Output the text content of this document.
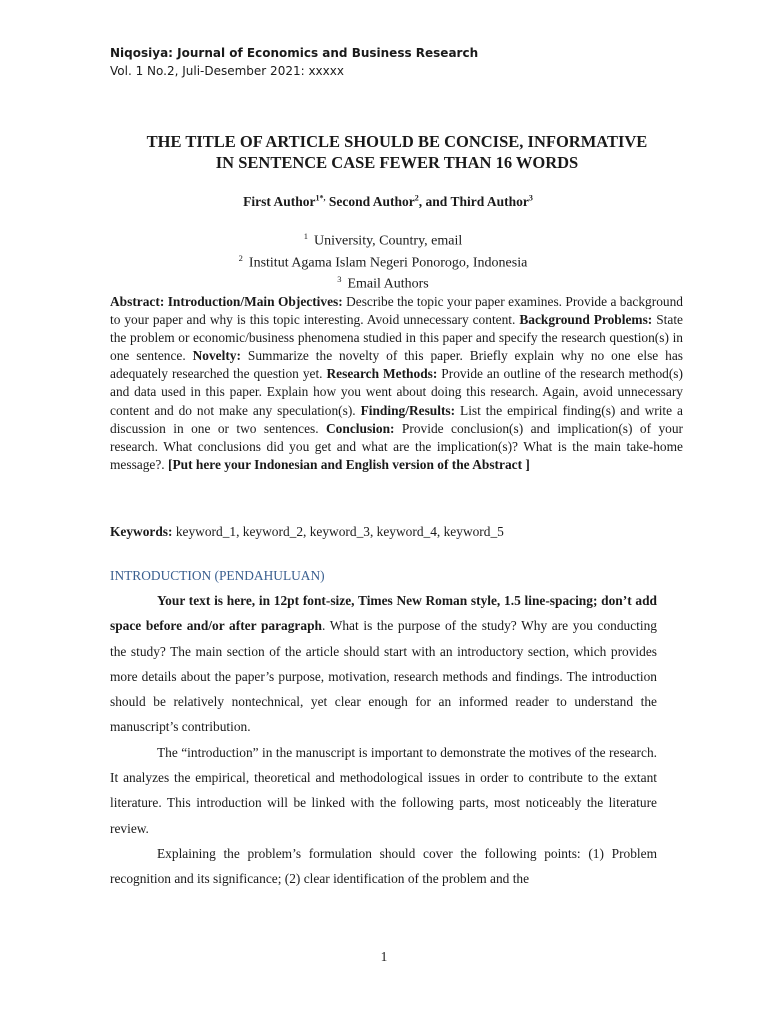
Niqosiya: Journal of Economics and Business Research
Vol. 1 No.2, Juli-Desember 2021: xxxxx
THE TITLE OF ARTICLE SHOULD BE CONCISE, INFORMATIVE
IN SENTENCE CASE FEWER THAN 16 WORDS
First Author$^{1*,}$ Second Author$^2$, and Third Author$^3$
$^1$ University, Country, email
$^2$ Institut Agama Islam Negeri Ponorogo, Indonesia
$^3$ Email Authors
Abstract: Introduction/Main Objectives: Describe the topic your paper examines. Provide a background to your paper and why is this topic interesting. Avoid unnecessary content. Background Problems: State the problem or economic/business phenomena studied in this paper and specify the research question(s) in one sentence. Novelty: Summarize the novelty of this paper. Briefly explain why no one else has adequately researched the question yet. Research Methods: Provide an outline of the research method(s) and data used in this paper. Explain how you went about doing this research. Again, avoid unnecessary content and do not make any speculation(s). Finding/Results: List the empirical finding(s) and write a discussion in one or two sentences. Conclusion: Provide conclusion(s) and implication(s) of your research. What conclusions did you get and what are the implication(s)? What is the main take-home message?. [Put here your Indonesian and English version of the Abstract ]
Keywords: keyword_1, keyword_2, keyword_3, keyword_4, keyword_5
INTRODUCTION (PENDAHULUAN)

Your text is here, in 12pt font-size, Times New Roman style, 1.5 line-spacing; don’t add space before and/or after paragraph. What is the purpose of the study? Why are you conducting the study? The main section of the article should start with an introductory section, which provides more details about the paper’s purpose, motivation, research methods and findings. The introduction should be relatively nontechnical, yet clear enough for an informed reader to understand the manuscript’s contribution.

The “introduction” in the manuscript is important to demonstrate the motives of the research. It analyzes the empirical, theoretical and methodological issues in order to contribute to the extant literature. This introduction will be linked with the following parts, most noticeably the literature review.

Explaining the problem’s formulation should cover the following points: (1) Problem recognition and its significance; (2) clear identification of the problem and the

1
